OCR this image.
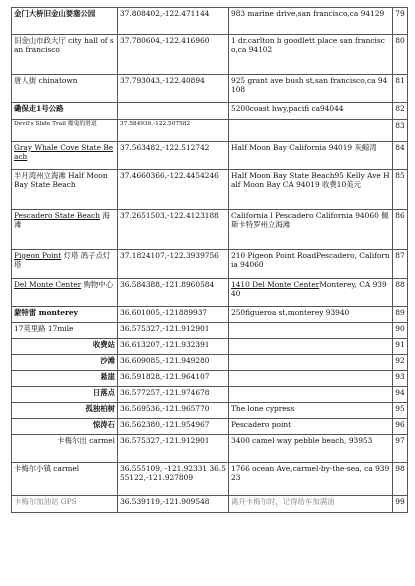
金门大桥旧金山要塞公园	37.808402,-122.471144	983 marine drive,san francisco,ca 94129	79
旧金山市政大厅 city hall of san francisco	37.780604,-122.416960	1 dr.carlton b goodlett place san francisco,ca 94102	80
唐人街 chinatown	37.793043,-122.40894	925 grant ave bush st,san francisco,ca 94108	81
磡保走1号公路		5200coast hwy,pacifi ca94044	82
Devil's Slide Trail 魔鬼的滑道	37.584939,-122.507582		83
Gray Whale Cove State Beach	37.563482,-122.512742	Half Moon Bay California 94019 灰鲸湾	84
半月湾州立海滩 Half Moon Bay State Beach	37.4660366,-122.4454246	Half Moon Bay State Beach95 Kelly Ave Half Moon Bay CA 94019 收费10美元	85
Pescadero State Beach 海滩	37.2651503,-122.4123188	California l Pescadero California 94060 佩斯卡特罗州立海滩	86
Pigeon Point 灯塔 鸽子点灯塔	37.1824107,-122.3939756	210 Pigeon Point RoadPescadero, California 94060	87
Del Monte Center 购物中心	36.584388,-121.8960584	1410 Del Monte CenterMonterey, CA 93940	88
蒙特雷 monterey	36.601005,-121889937	250figueroa st,monterey 93940	89
17英里路 17mile	36.575327,-121.912901		90
收费站	36.613207,-121.932391		91
沙滩	36.609085,-121.949280		92
悬崖	36.591828,-121.964107		93
日落点	36.577257,-121.974678		94
孤独柏树	36.569536,-121.965770	The lone cypress	95
惊涛石	36.562380,-121.954967	Pescadero point	96
卡梅尔出 carmel	36.575327,-121.912901	3400 camel way pebble beach, 93953	97
卡梅尔小镇 carmel	36.555109, -121.92331 36.555122,-121.927809	1766 ocean Ave,carmel-by-the-sea, ca 93923	98
卡梅尔加油站 GPS	36.539119,-121.909548	离开卡梅尔时，记得给车加满油	99
